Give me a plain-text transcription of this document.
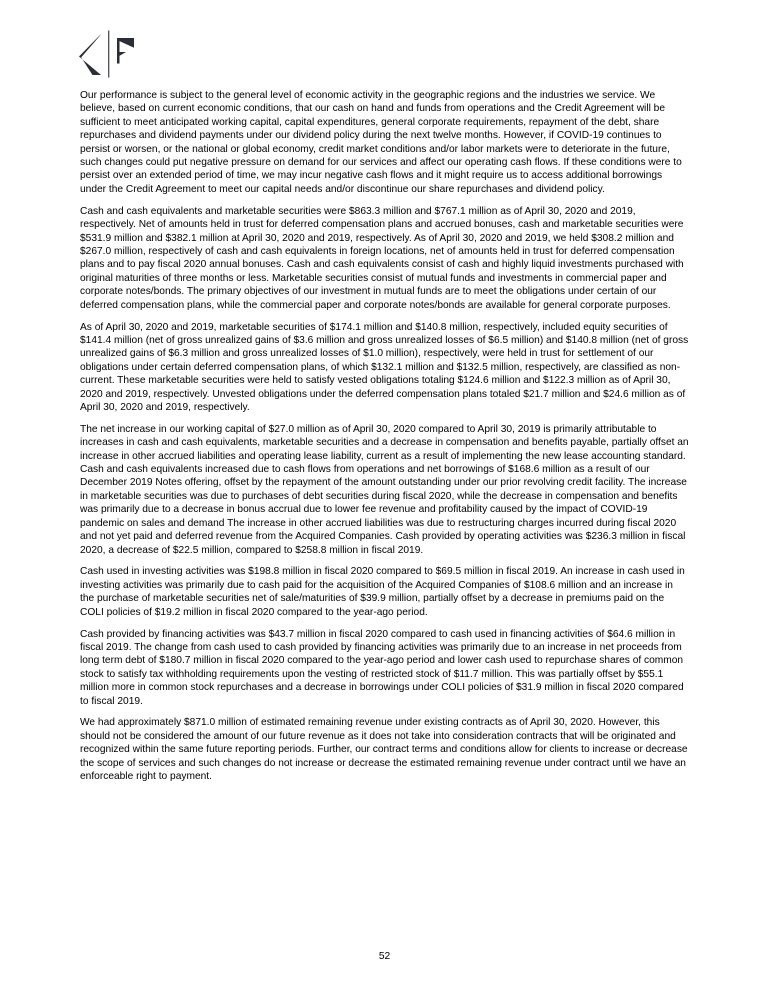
Our performance is subject to the general level of economic activity in the geographic regions and the industries we service. We believe, based on current economic conditions, that our cash on hand and funds from operations and the Credit Agreement will be sufficient to meet anticipated working capital, capital expenditures, general corporate requirements, repayment of the debt, share repurchases and dividend payments under our dividend policy during the next twelve months. However, if COVID-19 continues to persist or worsen, or the national or global economy, credit market conditions and/or labor markets were to deteriorate in the future, such changes could put negative pressure on demand for our services and affect our operating cash flows. If these conditions were to persist over an extended period of time, we may incur negative cash flows and it might require us to access additional borrowings under the Credit Agreement to meet our capital needs and/or discontinue our share repurchases and dividend policy.

Cash and cash equivalents and marketable securities were $863.3 million and $767.1 million as of April 30, 2020 and 2019, respectively. Net of amounts held in trust for deferred compensation plans and accrued bonuses, cash and marketable securities were $531.9 million and $382.1 million at April 30, 2020 and 2019, respectively. As of April 30, 2020 and 2019, we held $308.2 million and $267.0 million, respectively of cash and cash equivalents in foreign locations, net of amounts held in trust for deferred compensation plans and to pay fiscal 2020 annual bonuses. Cash and cash equivalents consist of cash and highly liquid investments purchased with original maturities of three months or less. Marketable securities consist of mutual funds and investments in commercial paper and corporate notes/bonds. The primary objectives of our investment in mutual funds are to meet the obligations under certain of our deferred compensation plans, while the commercial paper and corporate notes/bonds are available for general corporate purposes.

As of April 30, 2020 and 2019, marketable securities of $174.1 million and $140.8 million, respectively, included equity securities of $141.4 million (net of gross unrealized gains of $3.6 million and gross unrealized losses of $6.5 million) and $140.8 million (net of gross unrealized gains of $6.3 million and gross unrealized losses of $1.0 million), respectively, were held in trust for settlement of our obligations under certain deferred compensation plans, of which $132.1 million and $132.5 million, respectively, are classified as non-current. These marketable securities were held to satisfy vested obligations totaling $124.6 million and $122.3 million as of April 30, 2020 and 2019, respectively. Unvested obligations under the deferred compensation plans totaled $21.7 million and $24.6 million as of April 30, 2020 and 2019, respectively.

The net increase in our working capital of $27.0 million as of April 30, 2020 compared to April 30, 2019 is primarily attributable to increases in cash and cash equivalents, marketable securities and a decrease in compensation and benefits payable, partially offset an increase in other accrued liabilities and operating lease liability, current as a result of implementing the new lease accounting standard. Cash and cash equivalents increased due to cash flows from operations and net borrowings of $168.6 million as a result of our December 2019 Notes offering, offset by the repayment of the amount outstanding under our prior revolving credit facility. The increase in marketable securities was due to purchases of debt securities during fiscal 2020, while the decrease in compensation and benefits was primarily due to a decrease in bonus accrual due to lower fee revenue and profitability caused by the impact of COVID-19 pandemic on sales and demand The increase in other accrued liabilities was due to restructuring charges incurred during fiscal 2020 and not yet paid and deferred revenue from the Acquired Companies. Cash provided by operating activities was $236.3 million in fiscal 2020, a decrease of $22.5 million, compared to $258.8 million in fiscal 2019.

Cash used in investing activities was $198.8 million in fiscal 2020 compared to $69.5 million in fiscal 2019. An increase in cash used in investing activities was primarily due to cash paid for the acquisition of the Acquired Companies of $108.6 million and an increase in the purchase of marketable securities net of sale/maturities of $39.9 million, partially offset by a decrease in premiums paid on the COLI policies of $19.2 million in fiscal 2020 compared to the year-ago period.

Cash provided by financing activities was $43.7 million in fiscal 2020 compared to cash used in financing activities of $64.6 million in fiscal 2019. The change from cash used to cash provided by financing activities was primarily due to an increase in net proceeds from long term debt of $180.7 million in fiscal 2020 compared to the year-ago period and lower cash used to repurchase shares of common stock to satisfy tax withholding requirements upon the vesting of restricted stock of $11.7 million. This was partially offset by $55.1 million more in common stock repurchases and a decrease in borrowings under COLI policies of $31.9 million in fiscal 2020 compared to fiscal 2019.

We had approximately $871.0 million of estimated remaining revenue under existing contracts as of April 30, 2020. However, this should not be considered the amount of our future revenue as it does not take into consideration contracts that will be originated and recognized within the same future reporting periods. Further, our contract terms and conditions allow for clients to increase or decrease the scope of services and such changes do not increase or decrease the estimated remaining revenue under contract until we have an enforceable right to payment.

52
